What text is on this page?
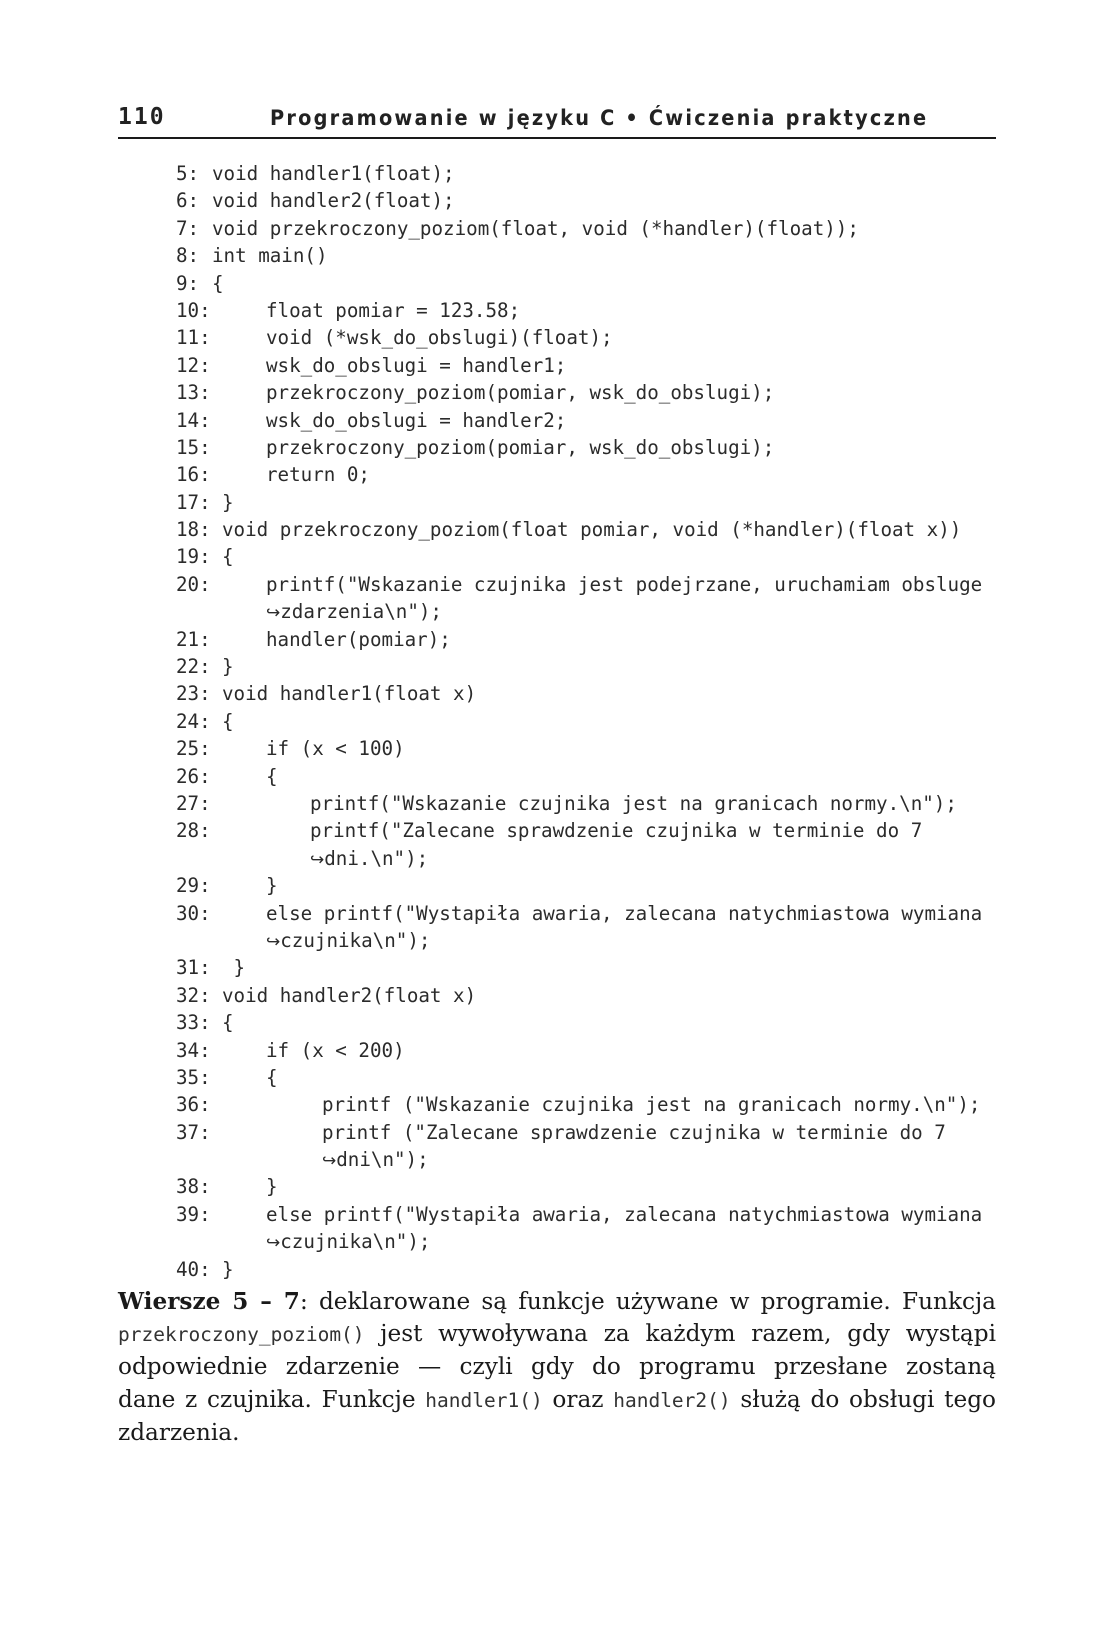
110	Programowanie w języku C • Ćwiczenia praktyczne
5: void handler1(float);
6: void handler2(float);
7: void przekroczony_poziom(float, void (*handler)(float));
8: int main()
9: {
10:	float pomiar = 123.58;
11:	void (*wsk_do_obslugi)(float);
12:	wsk_do_obslugi = handler1;
13:	przekroczony_poziom(pomiar, wsk_do_obslugi);
14:	wsk_do_obslugi = handler2;
15:	przekroczony_poziom(pomiar, wsk_do_obslugi);
16:	return 0;
17: }
18: void przekroczony_poziom(float pomiar, void (*handler)(float x))
19: {
20:	printf("Wskazanie czujnika jest podejrzane, uruchamiam obsluge
↪zdarzenia\n");
21:	handler(pomiar);
22: }
23: void handler1(float x)
24: {
25:	if (x < 100)
26:	{
27:	printf("Wskazanie czujnika jest na granicach normy.\n");
28:	printf("Zalecane sprawdzenie czujnika w terminie do 7
↪dni.\n");
29:	}
30:	else printf("Wystapiła awaria, zalecana natychmiastowa wymiana
↪czujnika\n");
31: }
32: void handler2(float x)
33: {
34:	if (x < 200)
35:	{
36:	printf ("Wskazanie czujnika jest na granicach normy.\n");
37:	printf ("Zalecane sprawdzenie czujnika w terminie do 7
↪dni\n");
38:	}
39:	else printf("Wystapiła awaria, zalecana natychmiastowa wymiana
↪czujnika\n");
40: }
Wiersze 5 – 7: deklarowane są funkcje używane w programie. Funkcja
przekroczony_poziom() jest wywoływana za każdym razem, gdy wystąpi
odpowiednie zdarzenie — czyli gdy do programu przesłane zostaną
dane z czujnika. Funkcje handler1() oraz handler2() służą do obsługi tego
zdarzenia.
